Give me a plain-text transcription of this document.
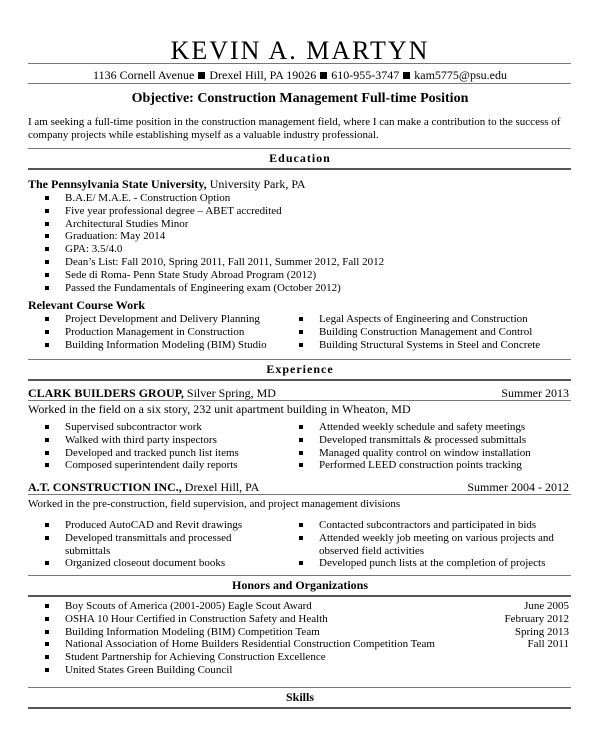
KEVIN A. MARTYN
1136 Cornell Avenue Drexel Hill, PA 19026 610-955-3747 kam5775@psu.edu
Objective: Construction Management Full-time Position
I am seeking a full-time position in the construction management field, where I can make a contribution to the success of
company projects while establishing myself as a valuable industry professional.
Education
The Pennsylvania State University, University Park, PA
B.A.E/ M.A.E. - Construction Option
Five year professional degree – ABET accredited
Architectural Studies Minor
Graduation: May 2014
GPA: 3.5/4.0
Dean’s List: Fall 2010, Spring 2011, Fall 2011, Summer 2012, Fall 2012
Sede di Roma- Penn State Study Abroad Program (2012)
Passed the Fundamentals of Engineering exam (October 2012)
Relevant Course Work
Project Development and Delivery Planning
Production Management in Construction
Building Information Modeling (BIM) Studio
Legal Aspects of Engineering and Construction
Building Construction Management and Control
Building Structural Systems in Steel and Concrete
Experience
CLARK BUILDERS GROUP, Silver Spring, MD	Summer 2013
Worked in the field on a six story, 232 unit apartment building in Wheaton, MD
Supervised subcontractor work
Walked with third party inspectors
Developed and tracked punch list items
Composed superintendent daily reports
Attended weekly schedule and safety meetings
Developed transmittals & processed submittals
Managed quality control on window installation
Performed LEED construction points tracking
A.T. CONSTRUCTION INC., Drexel Hill, PA	Summer 2004 - 2012
Worked in the pre-construction, field supervision, and project management divisions
Produced AutoCAD and Revit drawings
Developed transmittals and processed submittals
Organized closeout document books
Contacted subcontractors and participated in bids
Attended weekly job meeting on various projects and observed field activities
Developed punch lists at the completion of projects
Honors and Organizations
Boy Scouts of America (2001-2005) Eagle Scout Award	June 2005
OSHA 10 Hour Certified in Construction Safety and Health	February 2012
Building Information Modeling (BIM) Competition Team	Spring 2013
National Association of Home Builders Residential Construction Competition Team	Fall 2011
Student Partnership for Achieving Construction Excellence
United States Green Building Council
Skills
